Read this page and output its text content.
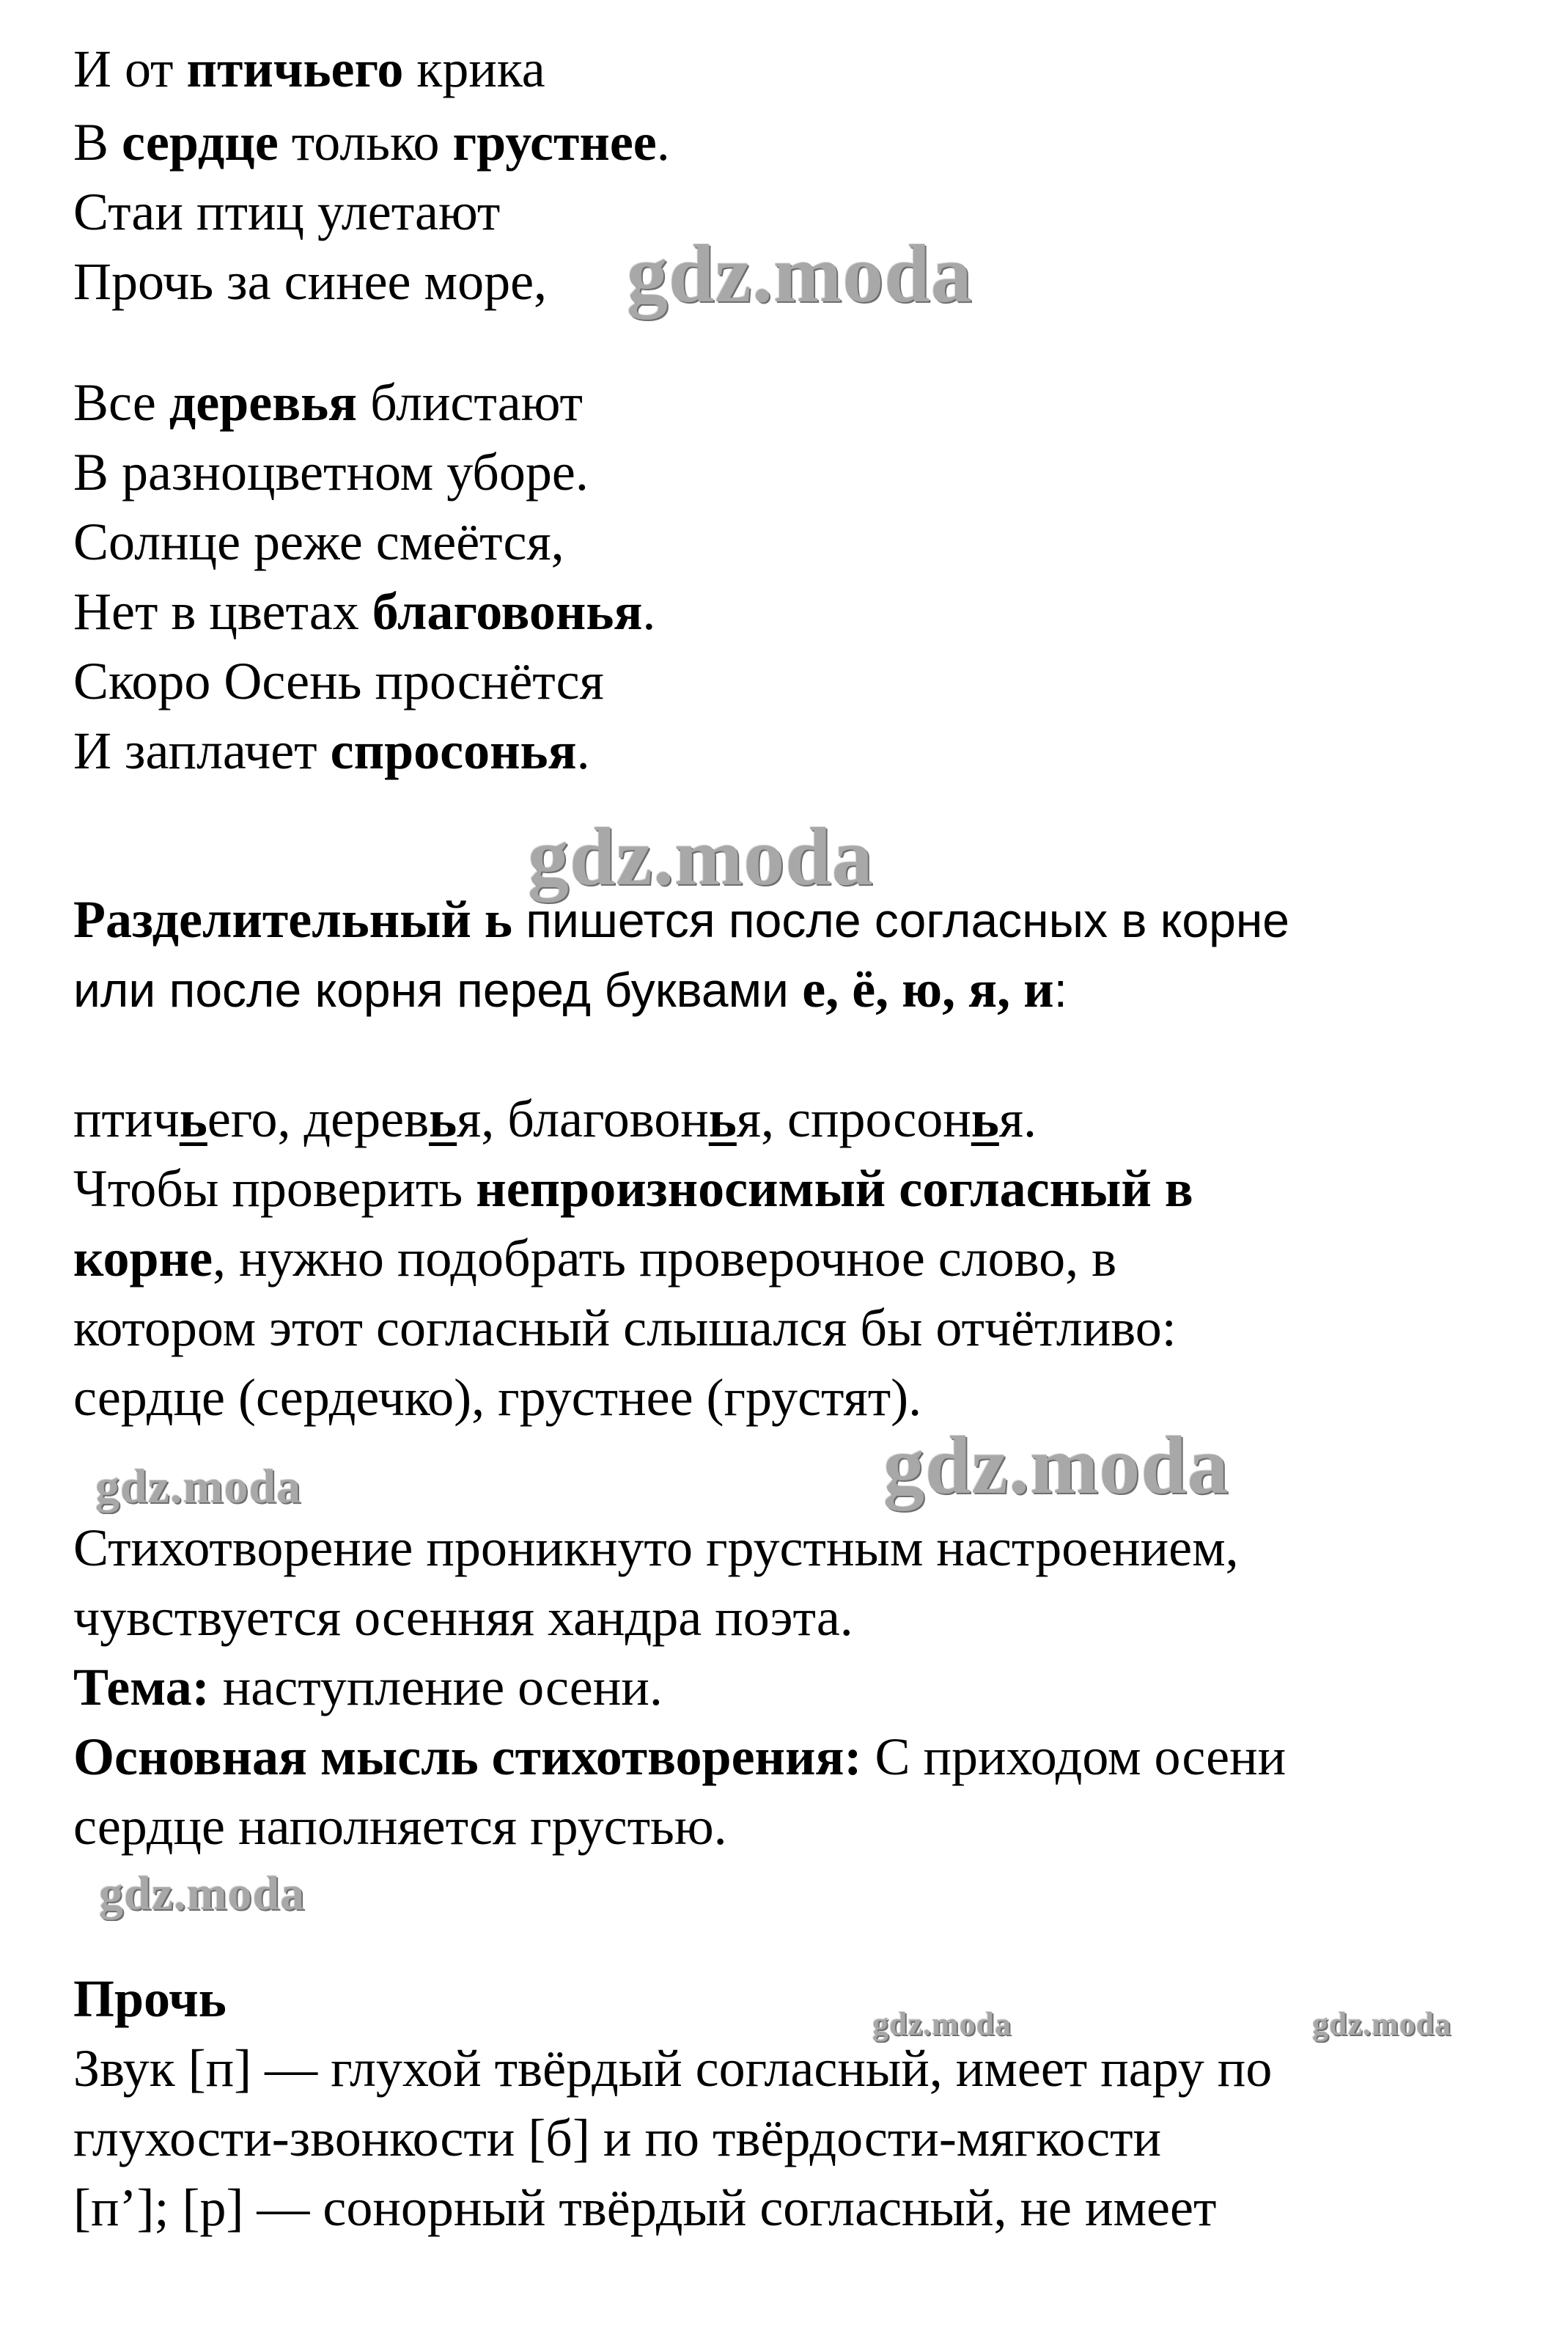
И от птичьего крика
В сердце только грустнее.
Стаи птиц улетают
Прочь за синее море,
Все деревья блистают
В разноцветном уборе.
Солнце реже смеётся,
Нет в цветах благовонья.
Скоро Осень проснётся
И заплачет спросонья.
Разделительный ь пишется после согласных в корне
или после корня перед буквами е, ё, ю, я, и:
птичьего, деревья, благовонья, спросонья.
Чтобы проверить непроизносимый согласный в
корне, нужно подобрать проверочное слово, в
котором этот согласный слышался бы отчётливо:
сердце (сердечко), грустнее (грустят).
Стихотворение проникнуто грустным настроением,
чувствуется осенняя хандра поэта.
Тема: наступление осени.
Основная мысль стихотворения: С приходом осени
сердце наполняется грустью.
Прочь
Звук [п] — глухой твёрдый согласный, имеет пару по
глухости-звонкости [б] и по твёрдости-мягкости
[п’]; [р] — сонорный твёрдый согласный, не имеет
gdz.moda
gdz.moda
gdz.moda
gdz.moda
gdz.moda
gdz.moda	gdz.moda
